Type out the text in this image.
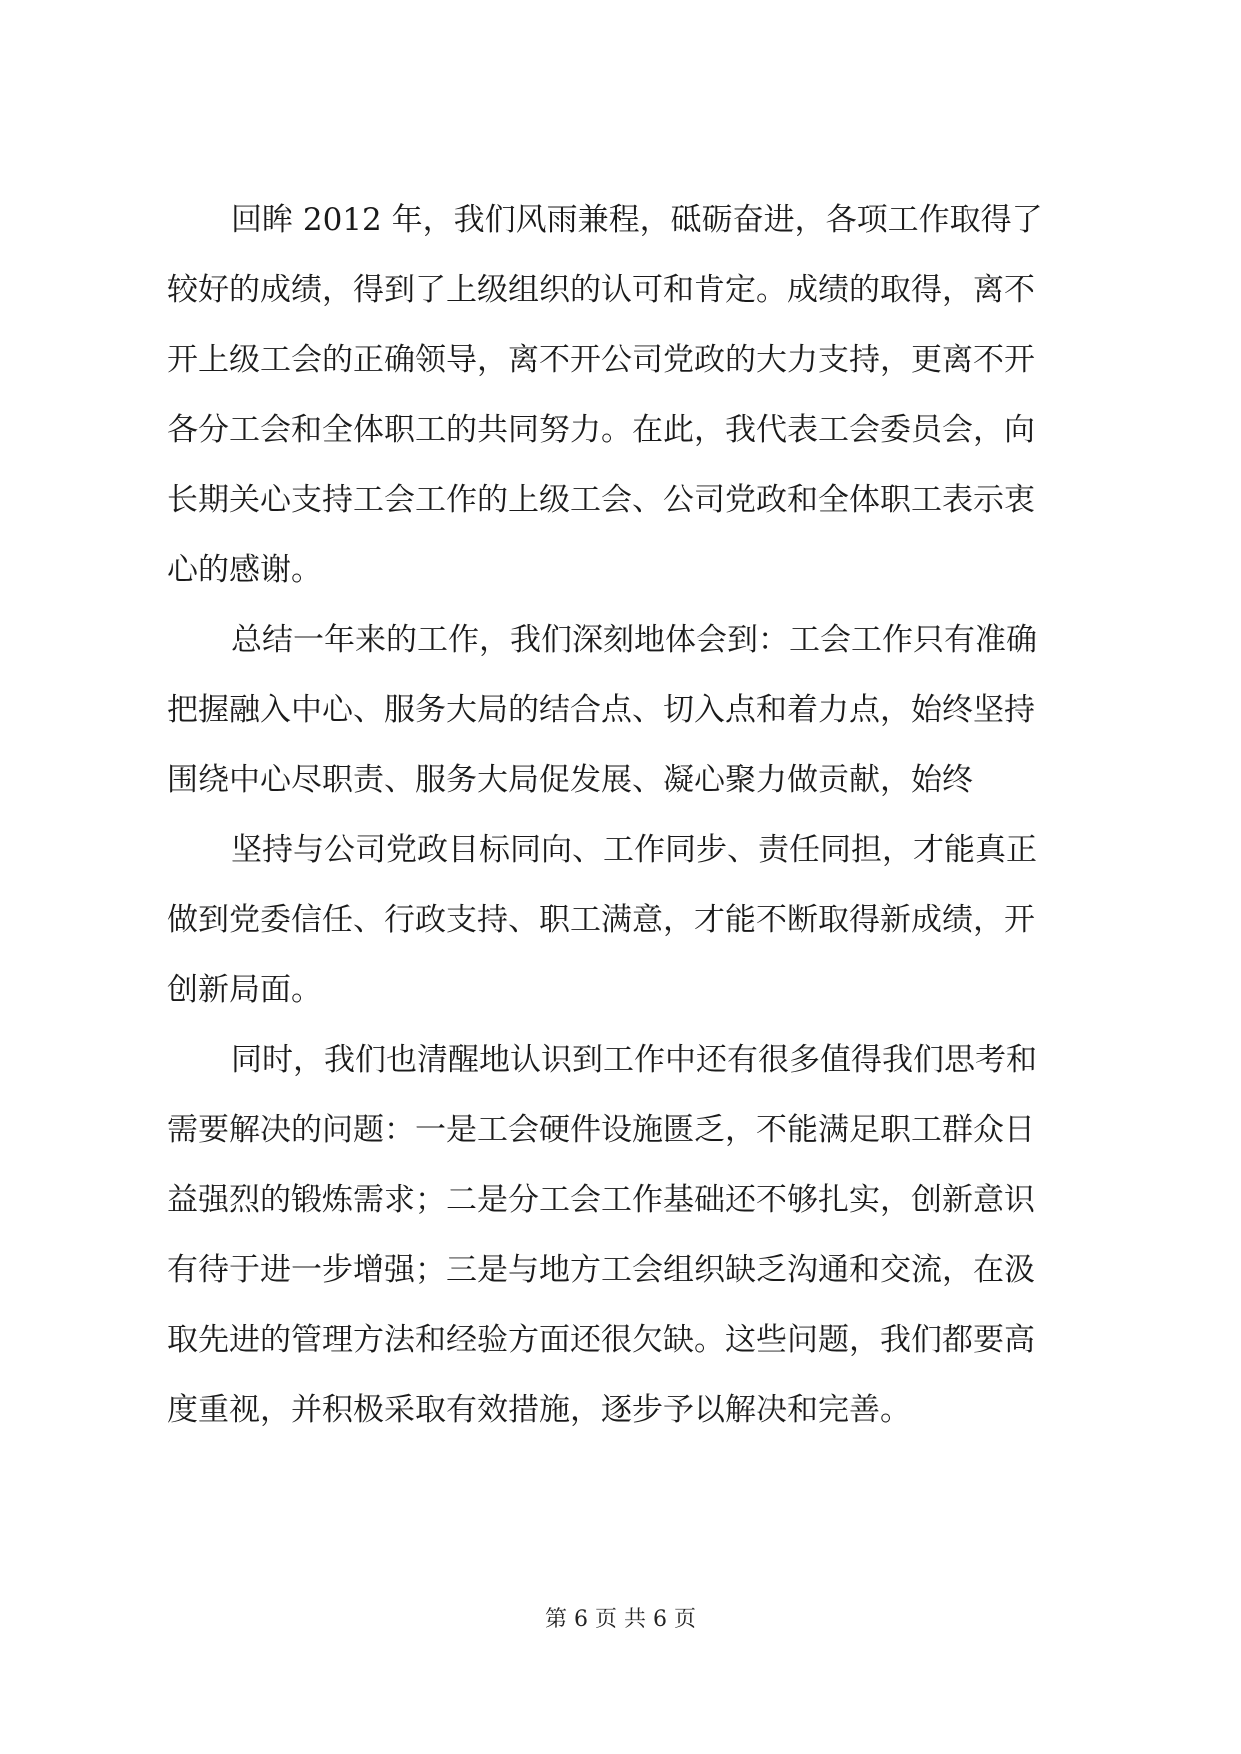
回眸 2012 年，我们风雨兼程，砥砺奋进，各项工作取得了
较好的成绩，得到了上级组织的认可和肯定。成绩的取得，离不
开上级工会的正确领导，离不开公司党政的大力支持，更离不开
各分工会和全体职工的共同努力。在此，我代表工会委员会，向
长期关心支持工会工作的上级工会、公司党政和全体职工表示衷
心的感谢。
总结一年来的工作，我们深刻地体会到：工会工作只有准确
把握融入中心、服务大局的结合点、切入点和着力点，始终坚持
围绕中心尽职责、服务大局促发展、凝心聚力做贡献，始终
坚持与公司党政目标同向、工作同步、责任同担，才能真正
做到党委信任、行政支持、职工满意，才能不断取得新成绩，开
创新局面。
同时，我们也清醒地认识到工作中还有很多值得我们思考和
需要解决的问题：一是工会硬件设施匮乏，不能满足职工群众日
益强烈的锻炼需求；二是分工会工作基础还不够扎实，创新意识
有待于进一步增强；三是与地方工会组织缺乏沟通和交流，在汲
取先进的管理方法和经验方面还很欠缺。这些问题，我们都要高
度重视，并积极采取有效措施，逐步予以解决和完善。
第 6 页 共 6 页
